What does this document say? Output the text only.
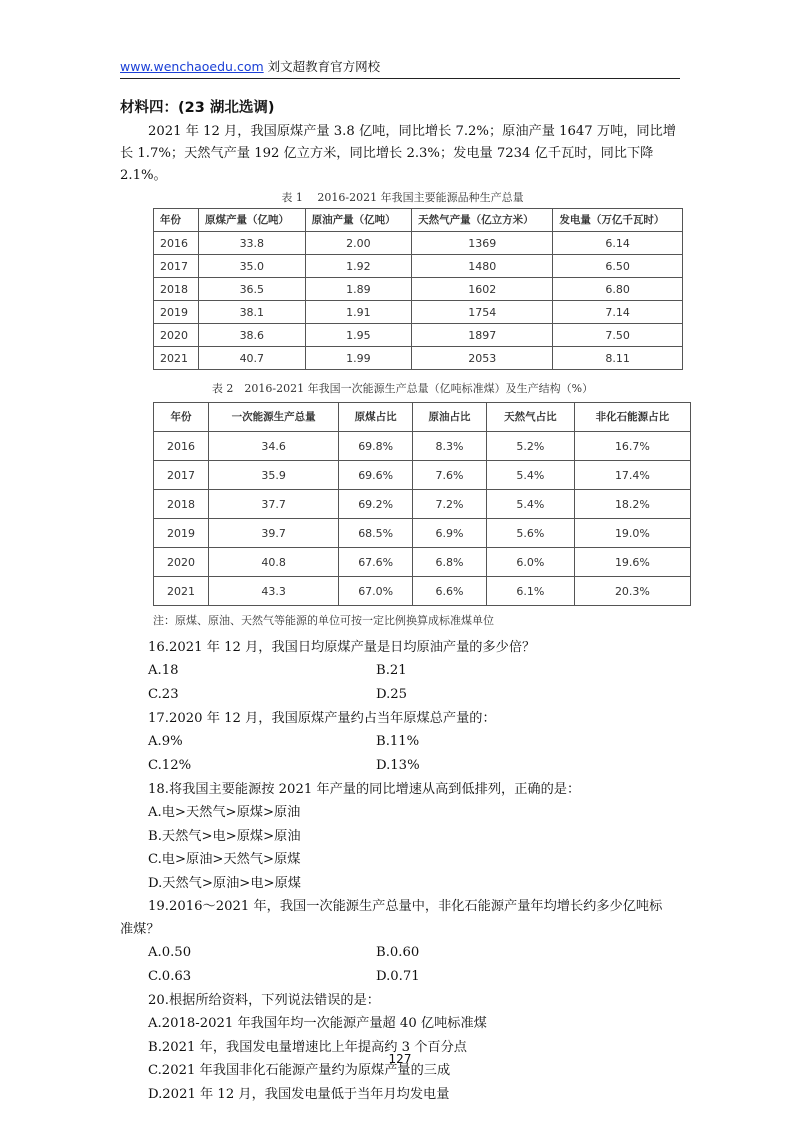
www.wenchaoedu.com 刘文超教育官方网校
材料四：(23 湖北选调)

2021 年 12 月，我国原煤产量 3.8 亿吨，同比增长 7.2%；原油产量 1647 万吨，同比增长 1.7%；天然气产量 192 亿立方米，同比增长 2.3%；发电量 7234 亿千瓦时，同比下降 2.1%。

表 1　 2016-2021 年我国主要能源品种生产总量
年份	原煤产量（亿吨）	原油产量（亿吨）	天然气产量（亿立方米）	发电量（万亿千瓦时）
2016	33.8	2.00	1369	6.14
2017	35.0	1.92	1480	6.50
2018	36.5	1.89	1602	6.80
2019	38.1	1.91	1754	7.14
2020	38.6	1.95	1897	7.50
2021	40.7	1.99	2053	8.11
表 2　2016-2021 年我国一次能源生产总量（亿吨标准煤）及生产结构（%）
年份	一次能源生产总量	原煤占比	原油占比	天然气占比	非化石能源占比
2016	34.6	69.8%	8.3%	5.2%	16.7%
2017	35.9	69.6%	7.6%	5.4%	17.4%
2018	37.7	69.2%	7.2%	5.4%	18.2%
2019	39.7	68.5%	6.9%	5.6%	19.0%
2020	40.8	67.6%	6.8%	6.0%	19.6%
2021	43.3	67.0%	6.6%	6.1%	20.3%
注：原煤、原油、天然气等能源的单位可按一定比例换算成标准煤单位
16.2021 年 12 月，我国日均原煤产量是日均原油产量的多少倍？
A.18	B.21
C.23	D.25
17.2020 年 12 月，我国原煤产量约占当年原煤总产量的：
A.9%	B.11%
C.12%	D.13%
18.将我国主要能源按 2021 年产量的同比增速从高到低排列，正确的是：
A.电>天然气>原煤>原油
B.天然气>电>原煤>原油
C.电>原油>天然气>原煤
D.天然气>原油>电>原煤
19.2016～2021 年，我国一次能源生产总量中，非化石能源产量年均增长约多少亿吨标
准煤？
A.0.50	B.0.60
C.0.63	D.0.71
20.根据所给资料，下列说法错误的是：
A.2018-2021 年我国年均一次能源产量超 40 亿吨标准煤
B.2021 年，我国发电量增速比上年提高约 3 个百分点
C.2021 年我国非化石能源产量约为原煤产量的三成
D.2021 年 12 月，我国发电量低于当年月均发电量
127
